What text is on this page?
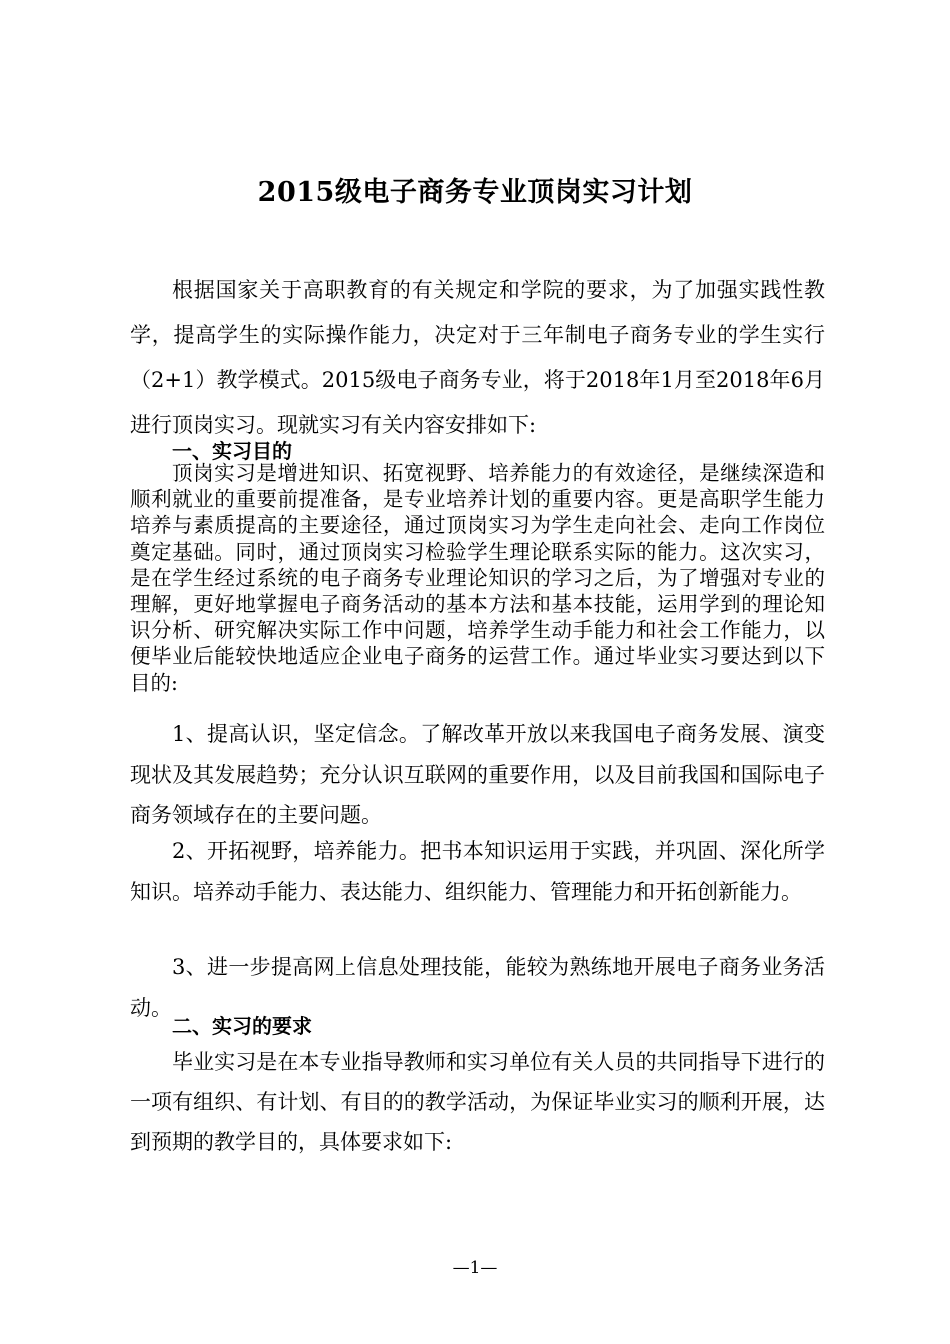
2015级电子商务专业顶岗实习计划

根据国家关于高职教育的有关规定和学院的要求，为了加强实践性教学，提高学生的实际操作能力，决定对于三年制电子商务专业的学生实行（2+1）教学模式。2015级电子商务专业，将于2018年1月至2018年6月进行顶岗实习。现就实习有关内容安排如下:

一、实习目的

顶岗实习是增进知识、拓宽视野、培养能力的有效途径，是继续深造和顺利就业的重要前提准备，是专业培养计划的重要内容。更是高职学生能力培养与素质提高的主要途径，通过顶岗实习为学生走向社会、走向工作岗位奠定基础。同时，通过顶岗实习检验学生理论联系实际的能力。这次实习，是在学生经过系统的电子商务专业理论知识的学习之后，为了增强对专业的理解，更好地掌握电子商务活动的基本方法和基本技能，运用学到的理论知识分析、研究解决实际工作中问题，培养学生动手能力和社会工作能力，以便毕业后能较快地适应企业电子商务的运营工作。通过毕业实习要达到以下目的:

1、提高认识，坚定信念。了解改革开放以来我国电子商务发展、演变现状及其发展趋势；充分认识互联网的重要作用，以及目前我国和国际电子商务领域存在的主要问题。

2、开拓视野，培养能力。把书本知识运用于实践，并巩固、深化所学知识。培养动手能力、表达能力、组织能力、管理能力和开拓创新能力。

3、进一步提高网上信息处理技能，能较为熟练地开展电子商务业务活动。

二、实习的要求

毕业实习是在本专业指导教师和实习单位有关人员的共同指导下进行的一项有组织、有计划、有目的的教学活动，为保证毕业实习的顺利开展，达到预期的教学目的，具体要求如下:

—1—
